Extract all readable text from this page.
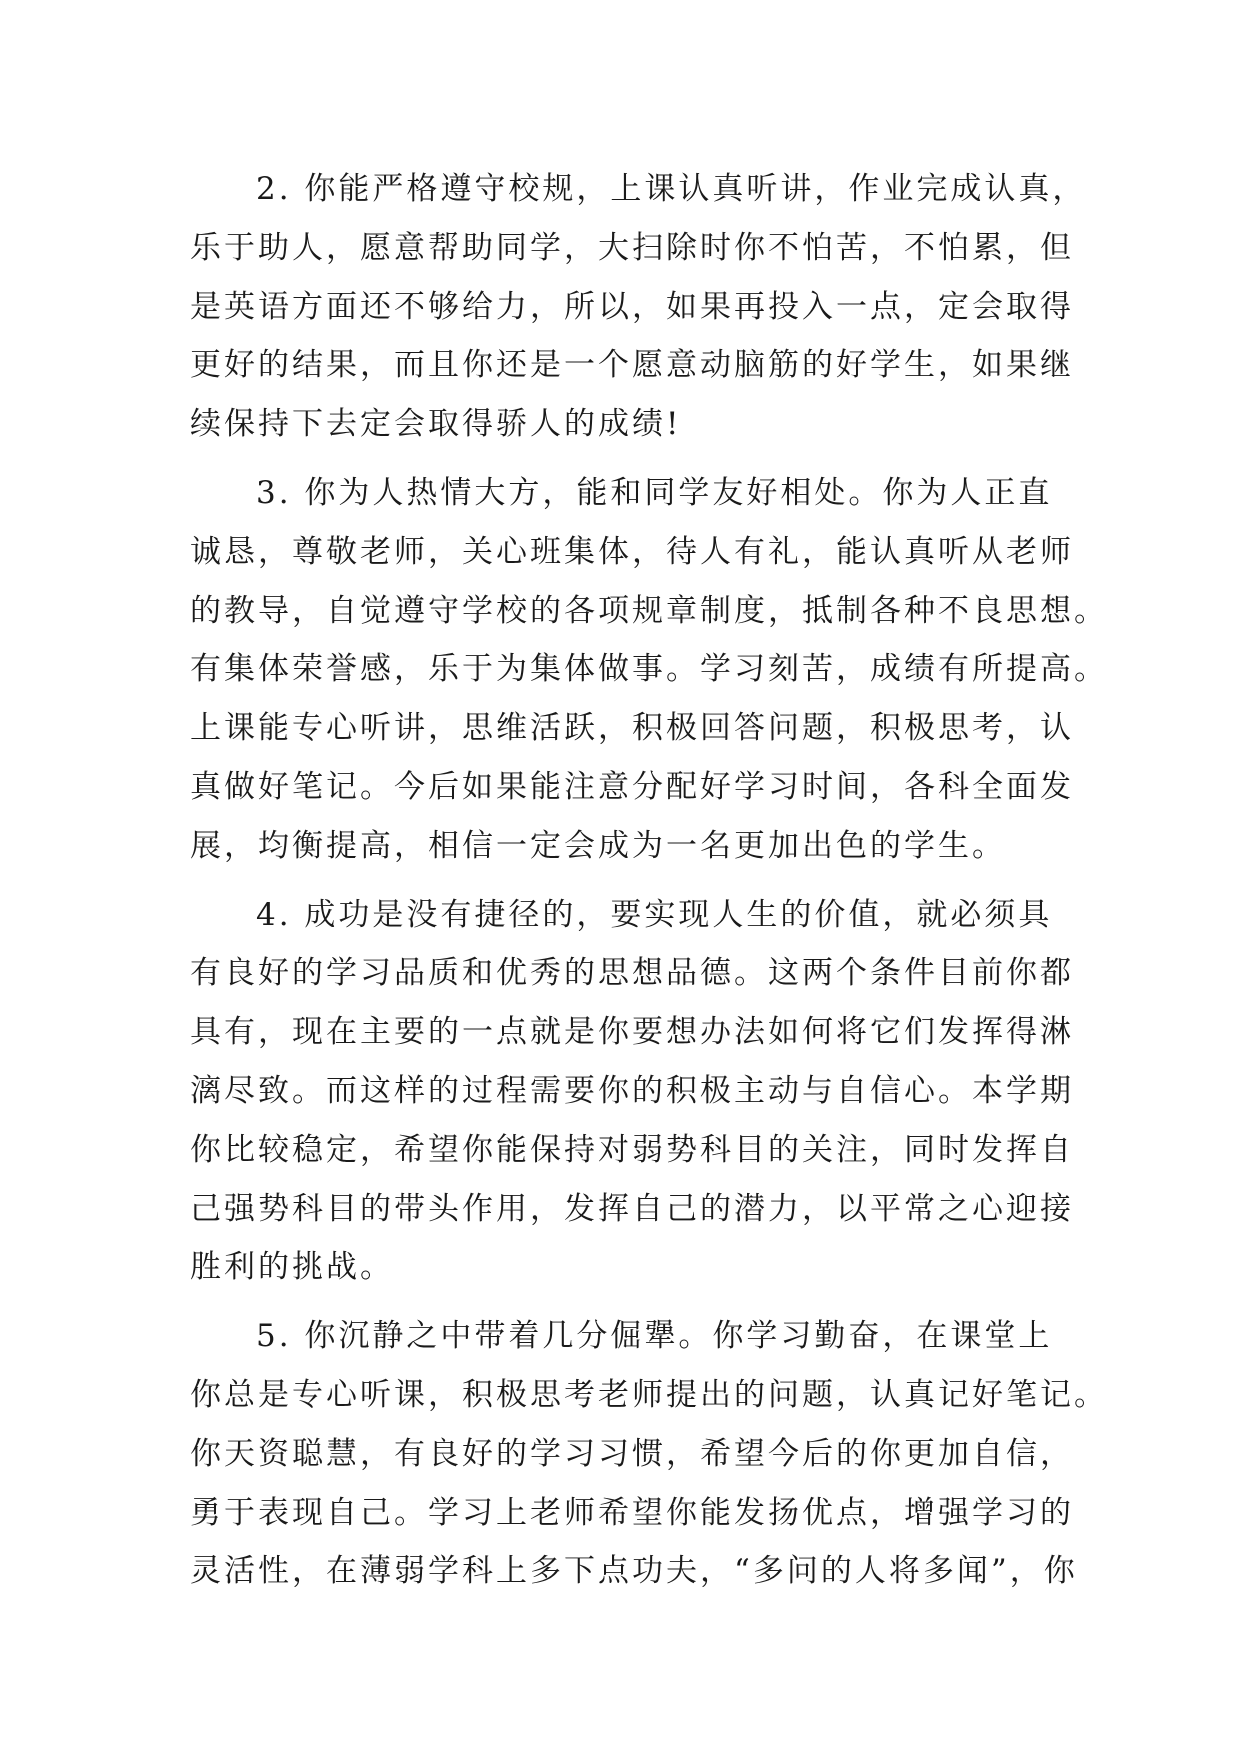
2. 你能严格遵守校规，上课认真听讲，作业完成认真，
乐于助人，愿意帮助同学，大扫除时你不怕苦，不怕累，但
是英语方面还不够给力，所以，如果再投入一点，定会取得
更好的结果，而且你还是一个愿意动脑筋的好学生，如果继
续保持下去定会取得骄人的成绩!

3. 你为人热情大方，能和同学友好相处。你为人正直
诚恳，尊敬老师，关心班集体，待人有礼，能认真听从老师
的教导，自觉遵守学校的各项规章制度，抵制各种不良思想。
有集体荣誉感，乐于为集体做事。学习刻苦，成绩有所提高。
上课能专心听讲，思维活跃，积极回答问题，积极思考，认
真做好笔记。今后如果能注意分配好学习时间，各科全面发
展，均衡提高，相信一定会成为一名更加出色的学生。

4. 成功是没有捷径的，要实现人生的价值，就必须具
有良好的学习品质和优秀的思想品德。这两个条件目前你都
具有，现在主要的一点就是你要想办法如何将它们发挥得淋
漓尽致。而这样的过程需要你的积极主动与自信心。本学期
你比较稳定，希望你能保持对弱势科目的关注，同时发挥自
己强势科目的带头作用，发挥自己的潜力，以平常之心迎接
胜利的挑战。

5. 你沉静之中带着几分倔犟。你学习勤奋，在课堂上
你总是专心听课，积极思考老师提出的问题，认真记好笔记。
你天资聪慧，有良好的学习习惯，希望今后的你更加自信，
勇于表现自己。学习上老师希望你能发扬优点，增强学习的
灵活性，在薄弱学科上多下点功夫，“多问的人将多闻”，你
